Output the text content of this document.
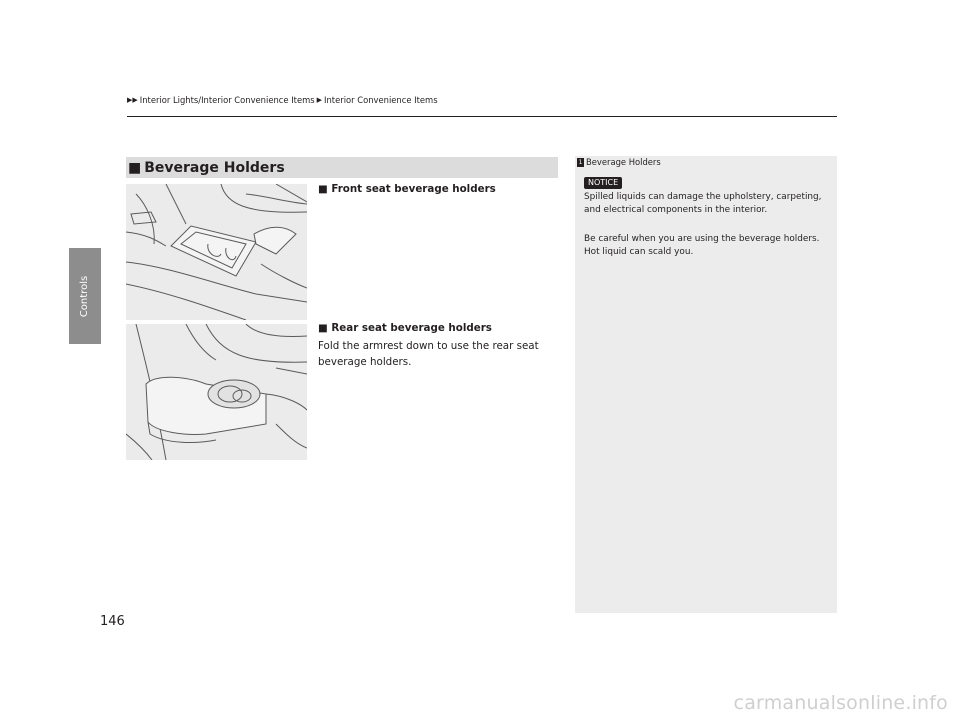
Controls
▶▶ Interior Lights/Interior Convenience Items ▶ Interior Convenience Items
■ Beverage Holders
■ Front seat beverage holders
■ Rear seat beverage holders
Fold the armrest down to use the rear seat beverage holders.
1 Beverage Holders
NOTICE
Spilled liquids can damage the upholstery, carpeting, and electrical components in the interior.
Be careful when you are using the beverage holders. Hot liquid can scald you.
146
carmanualsonline.info
